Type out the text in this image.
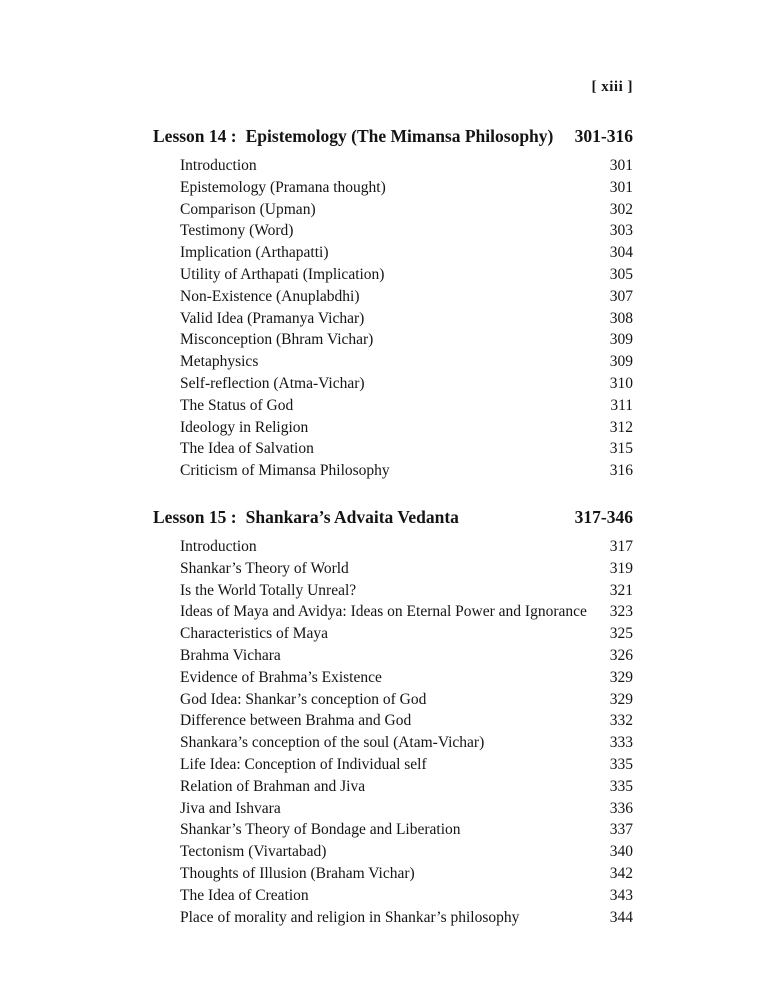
[ xiii ]
Lesson 14 : Epistemology (The Mimansa Philosophy) 301-316
Introduction	301
Epistemology (Pramana thought)	301
Comparison (Upman)	302
Testimony (Word)	303
Implication (Arthapatti)	304
Utility of Arthapati (Implication)	305
Non-Existence (Anuplabdhi)	307
Valid Idea (Pramanya Vichar)	308
Misconception (Bhram Vichar)	309
Metaphysics	309
Self-reflection (Atma-Vichar)	310
The Status of God	311
Ideology in Religion	312
The Idea of Salvation	315
Criticism of Mimansa Philosophy	316
Lesson 15 : Shankara’s Advaita Vedanta	317-346
Introduction	317
Shankar’s Theory of World	319
Is the World Totally Unreal?	321
Ideas of Maya and Avidya: Ideas on Eternal Power and Ignorance	323
Characteristics of Maya	325
Brahma Vichara	326
Evidence of Brahma’s Existence	329
God Idea: Shankar’s conception of God	329
Difference between Brahma and God	332
Shankara’s conception of the soul (Atam-Vichar)	333
Life Idea: Conception of Individual self	335
Relation of Brahman and Jiva	335
Jiva and Ishvara	336
Shankar’s Theory of Bondage and Liberation	337
Tectonism (Vivartabad)	340
Thoughts of Illusion (Braham Vichar)	342
The Idea of Creation	343
Place of morality and religion in Shankar’s philosophy	344
